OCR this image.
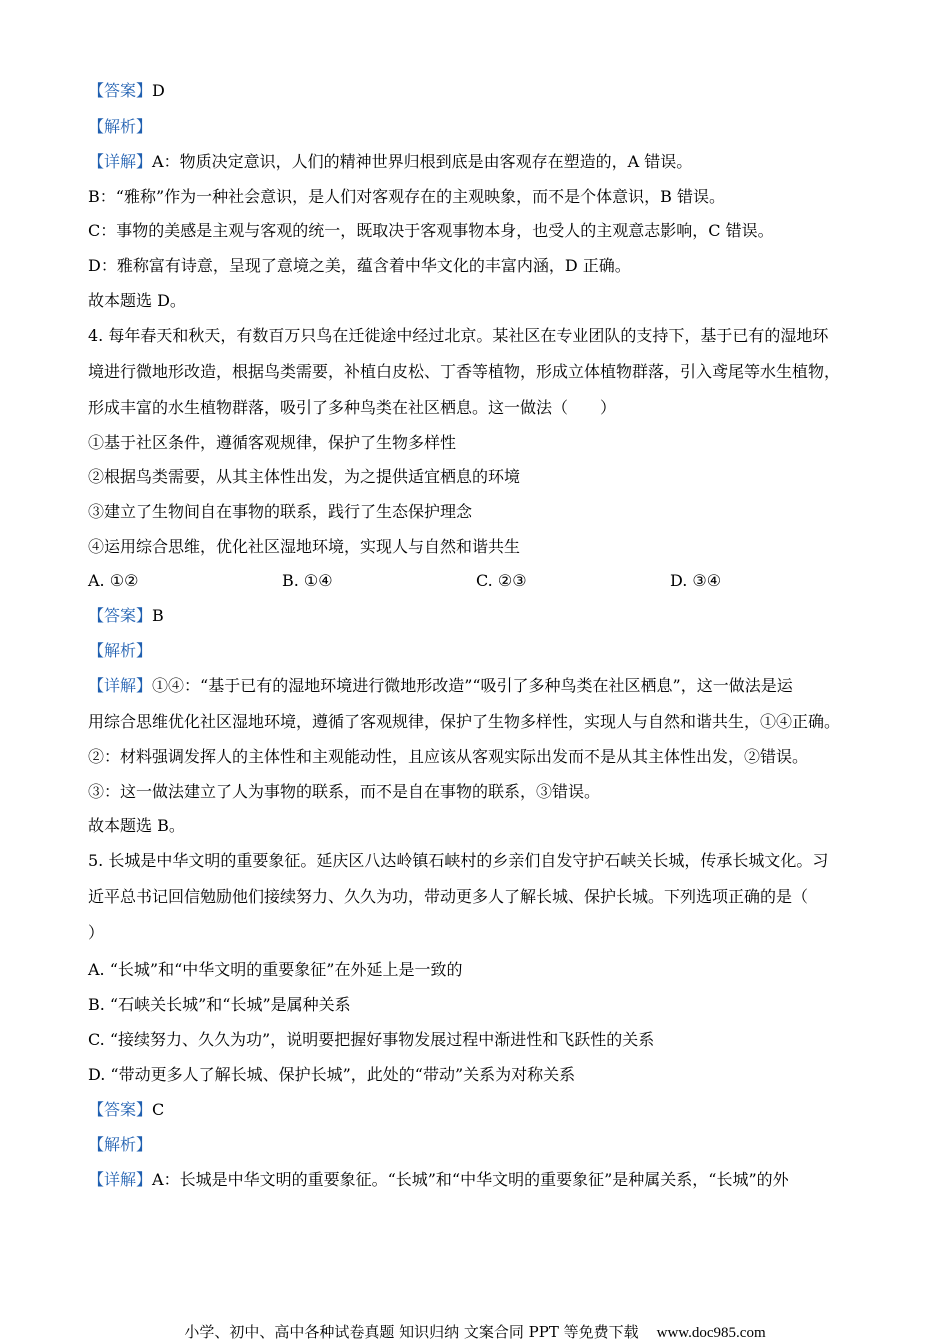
【答案】D
【解析】
【详解】A：物质决定意识，人们的精神世界归根到底是由客观存在塑造的，A 错误。
B：“雅称”作为一种社会意识，是人们对客观存在的主观映象，而不是个体意识，B 错误。
C：事物的美感是主观与客观的统一，既取决于客观事物本身，也受人的主观意志影响，C 错误。
D：雅称富有诗意，呈现了意境之美，蕴含着中华文化的丰富内涵，D 正确。
故本题选 D。
4. 每年春天和秋天，有数百万只鸟在迁徙途中经过北京。某社区在专业团队的支持下，基于已有的湿地环
境进行微地形改造，根据鸟类需要，补植白皮松、丁香等植物，形成立体植物群落，引入鸢尾等水生植物，
形成丰富的水生植物群落，吸引了多种鸟类在社区栖息。这一做法（　　）
①基于社区条件，遵循客观规律，保护了生物多样性
②根据鸟类需要，从其主体性出发，为之提供适宜栖息的环境
③建立了生物间自在事物的联系，践行了生态保护理念
④运用综合思维，优化社区湿地环境，实现人与自然和谐共生
A. ①②	B. ①④	C. ②③	D. ③④
【答案】B
【解析】
【详解】①④：“基于已有的湿地环境进行微地形改造”“吸引了多种鸟类在社区栖息”，这一做法是运
用综合思维优化社区湿地环境，遵循了客观规律，保护了生物多样性，实现人与自然和谐共生，①④正确。
②：材料强调发挥人的主体性和主观能动性，且应该从客观实际出发而不是从其主体性出发，②错误。
③：这一做法建立了人为事物的联系，而不是自在事物的联系，③错误。
故本题选 B。
5. 长城是中华文明的重要象征。延庆区八达岭镇石峡村的乡亲们自发守护石峡关长城，传承长城文化。习
近平总书记回信勉励他们接续努力、久久为功，带动更多人了解长城、保护长城。下列选项正确的是（
）
A. “长城”和“中华文明的重要象征”在外延上是一致的
B. “石峡关长城”和“长城”是属种关系
C. “接续努力、久久为功”，说明要把握好事物发展过程中渐进性和飞跃性的关系
D. “带动更多人了解长城、保护长城”，此处的“带动”关系为对称关系
【答案】C
【解析】
【详解】A：长城是中华文明的重要象征。“长城”和“中华文明的重要象征”是种属关系，“长城”的外
小学、初中、高中各种试卷真题 知识归纳 文案合同 PPT 等免费下载 www.doc985.com
